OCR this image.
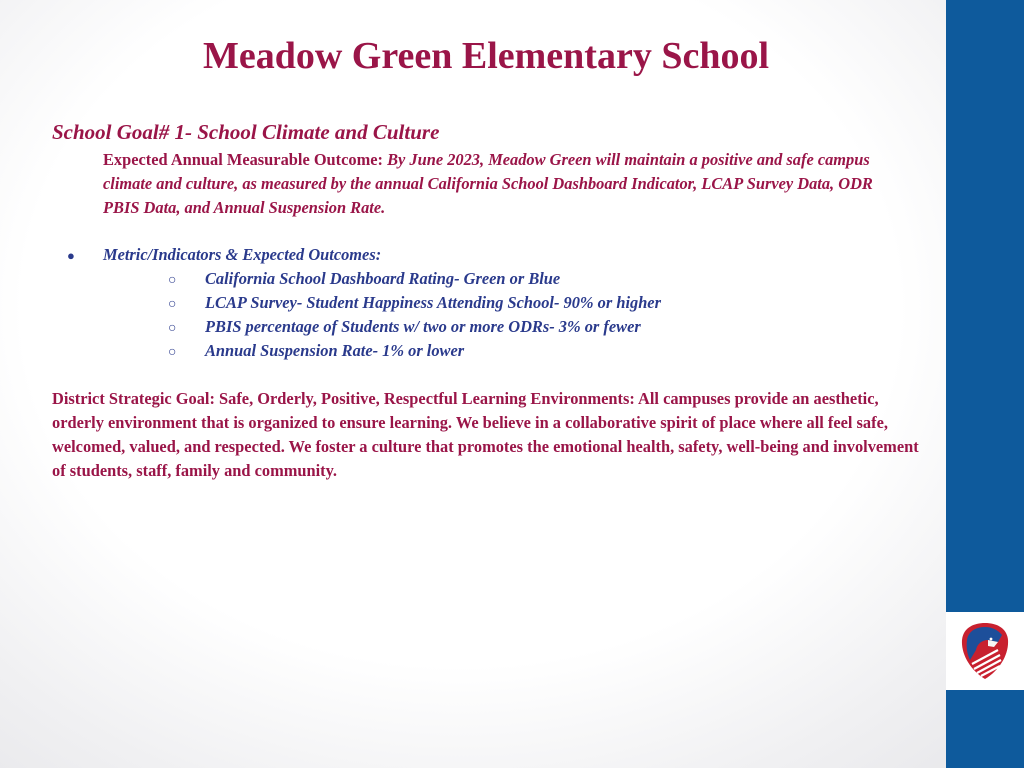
Meadow Green Elementary School
School Goal# 1- School Climate and Culture

Expected Annual Measurable Outcome: By June 2023, Meadow Green will maintain a positive and safe campus climate and culture, as measured by the annual California School Dashboard Indicator, LCAP Survey Data, ODR PBIS Data, and Annual Suspension Rate.

● Metric/Indicators & Expected Outcomes:

○ California School Dashboard Rating- Green or Blue
○ LCAP Survey- Student Happiness Attending School- 90% or higher
○ PBIS percentage of Students w/ two or more ODRs- 3% or fewer
○ Annual Suspension Rate- 1% or lower

District Strategic Goal: Safe, Orderly, Positive, Respectful Learning Environments: All campuses provide an aesthetic, orderly environment that is organized to ensure learning. We believe in a collaborative spirit of place where all feel safe, welcomed, valued, and respected. We foster a culture that promotes the emotional health, safety, well-being and involvement of students, staff, family and community.
